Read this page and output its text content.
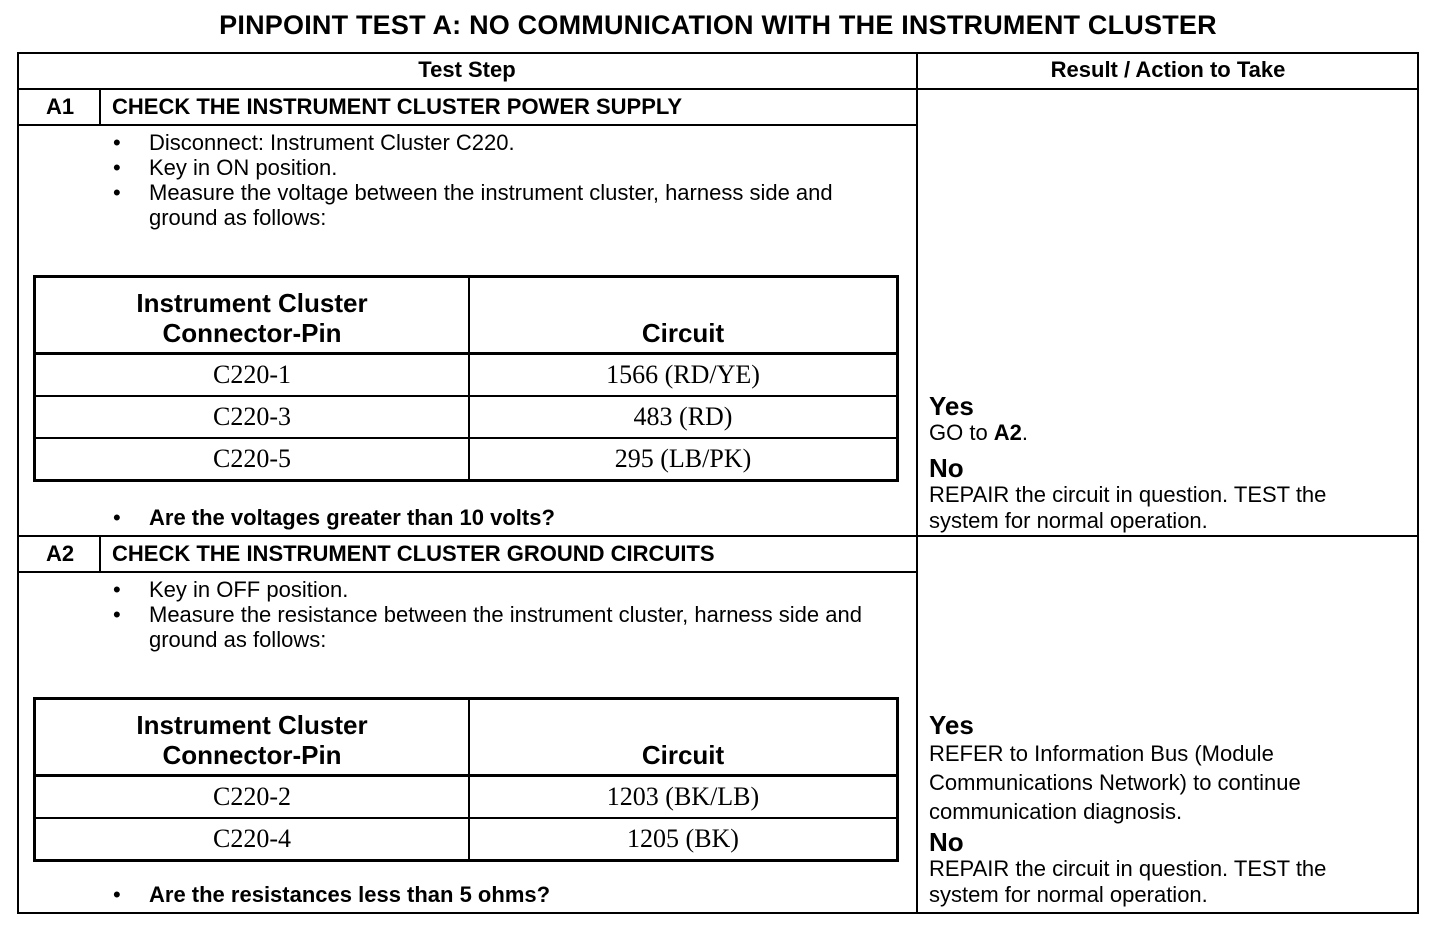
PINPOINT TEST A: NO COMMUNICATION WITH THE INSTRUMENT CLUSTER
Test Step	Result / Action to Take
A1	CHECK THE INSTRUMENT CLUSTER POWER SUPPLY
• Disconnect: Instrument Cluster C220.
• Key in ON position.
• Measure the voltage between the instrument cluster, harness side and ground as follows:
Instrument Cluster Connector-Pin	Circuit
C220-1	1566 (RD/YE)
C220-3	483 (RD)
C220-5	295 (LB/PK)
• Are the voltages greater than 10 volts?
Yes
GO to A2.
No
REPAIR the circuit in question. TEST the system for normal operation.
A2	CHECK THE INSTRUMENT CLUSTER GROUND CIRCUITS
• Key in OFF position.
• Measure the resistance between the instrument cluster, harness side and ground as follows:
Instrument Cluster Connector-Pin	Circuit
C220-2	1203 (BK/LB)
C220-4	1205 (BK)
• Are the resistances less than 5 ohms?
Yes
REFER to Information Bus (Module Communications Network) to continue communication diagnosis.
No
REPAIR the circuit in question. TEST the system for normal operation.
